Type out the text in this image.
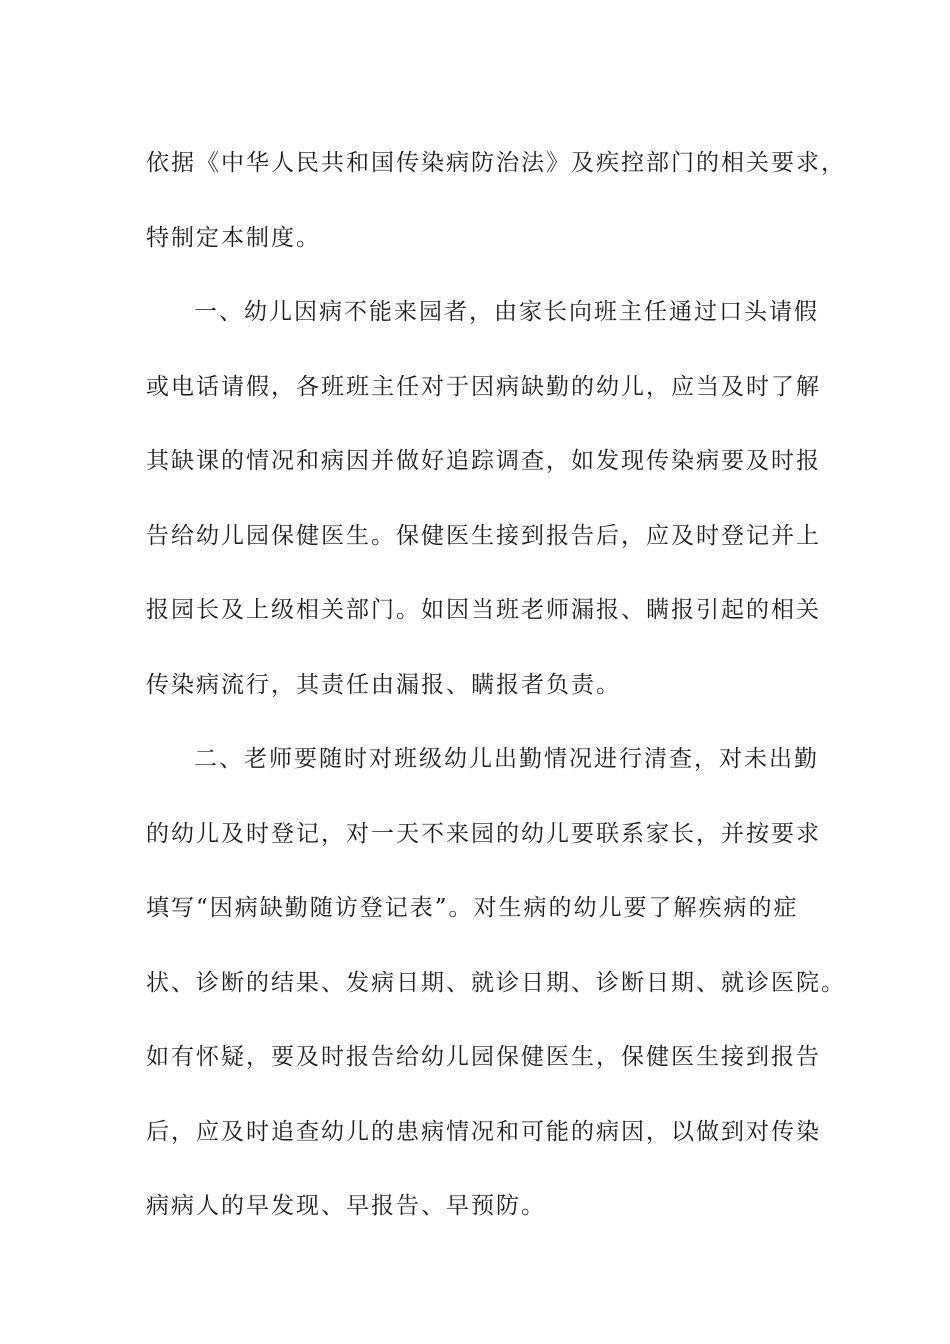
依据《中华人民共和国传染病防治法》及疾控部门的相关要求，
特制定本制度。
一、幼儿因病不能来园者，由家长向班主任通过口头请假
或电话请假，各班班主任对于因病缺勤的幼儿，应当及时了解
其缺课的情况和病因并做好追踪调查，如发现传染病要及时报
告给幼儿园保健医生。保健医生接到报告后，应及时登记并上
报园长及上级相关部门。如因当班老师漏报、瞒报引起的相关
传染病流行，其责任由漏报、瞒报者负责。
二、老师要随时对班级幼儿出勤情况进行清查，对未出勤
的幼儿及时登记，对一天不来园的幼儿要联系家长，并按要求
填写“因病缺勤随访登记表”。对生病的幼儿要了解疾病的症
状、诊断的结果、发病日期、就诊日期、诊断日期、就诊医院。
如有怀疑，要及时报告给幼儿园保健医生，保健医生接到报告
后，应及时追查幼儿的患病情况和可能的病因，以做到对传染
病病人的早发现、早报告、早预防。
